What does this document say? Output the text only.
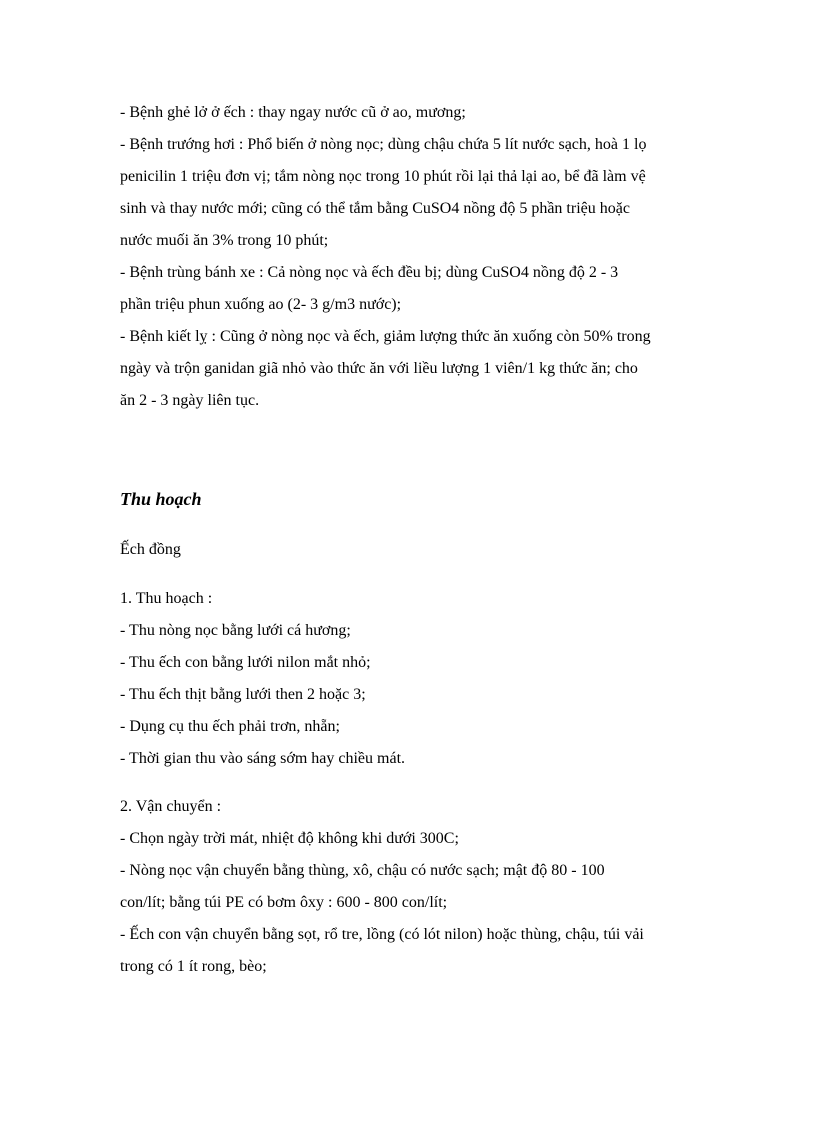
- Bệnh ghẻ lở ở ếch : thay ngay nước cũ ở ao, mương;
- Bệnh trướng hơi : Phổ biến ở nòng nọc; dùng chậu chứa 5 lít nước sạch, hoà 1 lọ
penicilin 1 triệu đơn vị; tắm nòng nọc trong 10 phút rồi lại thả lại ao, bể đã làm vệ
sinh và thay nước mới; cũng có thể tắm bằng CuSO4 nồng độ 5 phần triệu hoặc
nước muối ăn 3% trong 10 phút;
- Bệnh trùng bánh xe : Cả nòng nọc và ếch đều bị; dùng CuSO4 nồng độ 2 - 3
phần triệu phun xuống ao (2- 3 g/m3 nước);
- Bệnh kiết lỵ : Cũng ở nòng nọc và ếch, giảm lượng thức ăn xuống còn 50% trong
ngày và trộn ganidan giã nhỏ vào thức ăn với liều lượng 1 viên/1 kg thức ăn; cho
ăn 2 - 3 ngày liên tục.
Thu hoạch
Ếch đồng
1. Thu hoạch :
- Thu nòng nọc bằng lưới cá hương;
- Thu ếch con bằng lưới nilon mắt nhỏ;
- Thu ếch thịt bằng lưới then 2 hoặc 3;
- Dụng cụ thu ếch phải trơn, nhẵn;
- Thời gian thu vào sáng sớm hay chiều mát.
2. Vận chuyển :
- Chọn ngày trời mát, nhiệt độ không khi dưới 300C;
- Nòng nọc vận chuyển bằng thùng, xô, chậu có nước sạch; mật độ 80 - 100
con/lít; bằng túi PE có bơm ôxy : 600 - 800 con/lít;
- Ếch con vận chuyển bằng sọt, rổ tre, lồng (có lót nilon) hoặc thùng, chậu, túi vải
trong có 1 ít rong, bèo;
